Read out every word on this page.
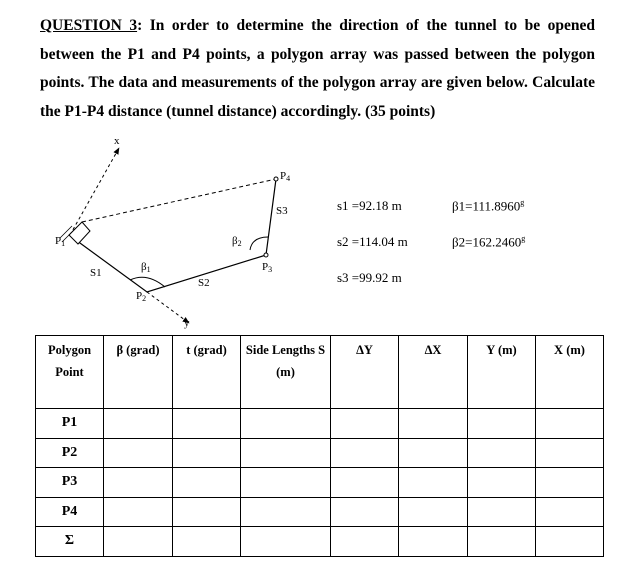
QUESTION 3: In order to determine the direction of the tunnel to be opened between the P1 and P4 points, a polygon array was passed between the polygon points. The data and measurements of the polygon array are given below. Calculate the P1-P4 distance (tunnel distance) accordingly. (35 points)
x
y
P1
P2
P3
P4
S1
S2
S3
β1
β2
s1 =92.18 m	β1=111.8960$^g$
s2 =114.04 m	β2=162.2460$^g$
s3 =99.92 m
Polygon Point	β (grad)	t (grad)	Side Lengths S (m)	ΔY	ΔX	Y (m)	X (m)
P1							
P2							
P3							
P4							
Σ							
